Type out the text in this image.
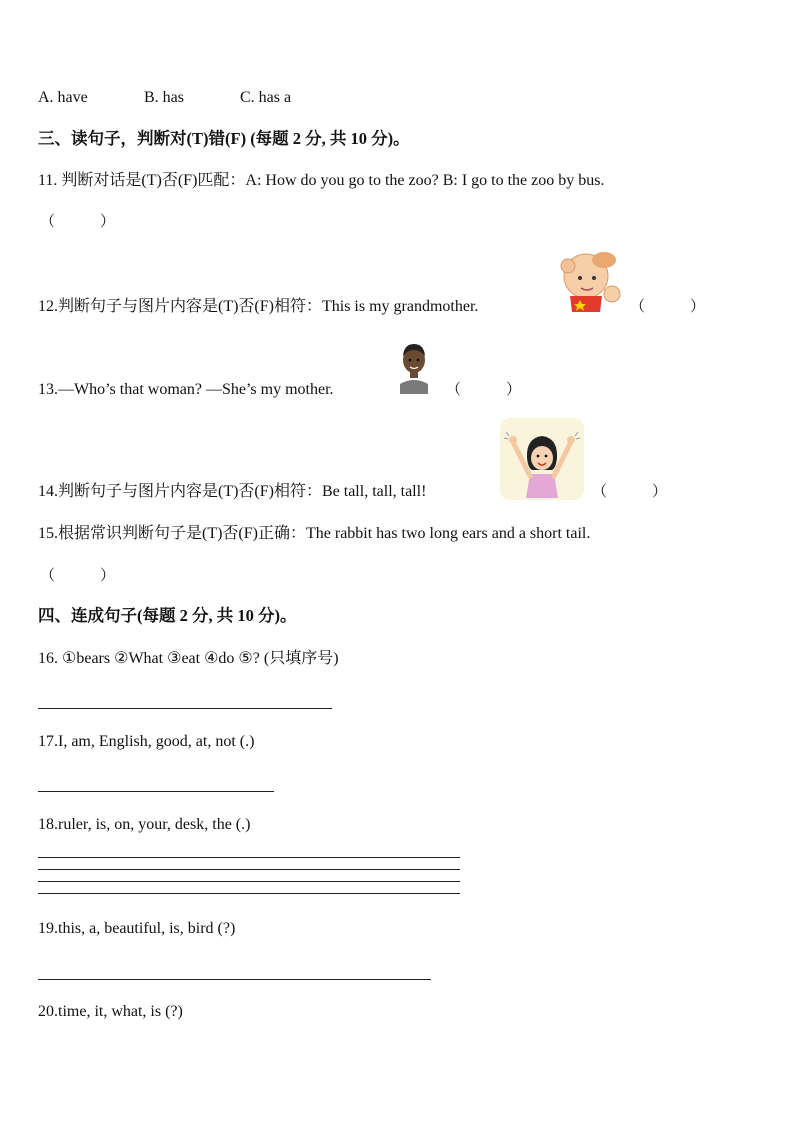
A. have	B. has	C. has a
三、读句子，判断对(T)错(F) (每题 2 分, 共 10 分)。
11. 判断对话是(T)否(F)匹配：A: How do you go to the zoo? B: I go to the zoo by bus.
（　　　）
12.判断句子与图片内容是(T)否(F)相符：This is my grandmother.	（　　　）
13.—Who’s that woman? —She’s my mother.	（　　　）
14.判断句子与图片内容是(T)否(F)相符：Be tall, tall, tall!	（　　　）
15.根据常识判断句子是(T)否(F)正确：The rabbit has two long ears and a short tail.
（　　　）
四、连成句子(每题 2 分, 共 10 分)。
16. ①bears ②What ③eat ④do ⑤? (只填序号)
17.I, am, English, good, at, not (.)
18.ruler, is, on, your, desk, the (.)
19.this, a, beautiful, is, bird (?)
20.time, it, what, is (?)
